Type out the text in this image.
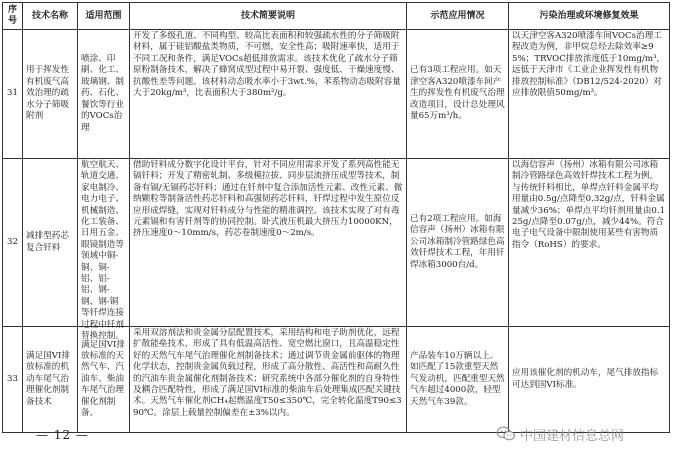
序号	技术名称	适用范围	技术简要说明	示范应用情况	污染治理或环境修复效果
31	用于挥发性有机废气高效治理的疏水分子筛吸附剂	喷涂、印刷、化工、玻璃钢、制药、石化、餐饮等行业的VOCs治理	开发了多级孔道、不同构型、较高比表面积和较强疏水性的分子筛吸附材料，属于硅铝酸盐类物质，不可燃，安全性高；吸附速率快，适用于不同工况和条件，满足VOCs超低排放需求。该技术优化了疏水分子筛原粉制备技术，解决了蜂窝成型过程中易开裂、强度低、干燥速度慢、抗酸性差等问题。该材料动态吸水率小于3wt.%，苯系物动态吸附容量大于20kg/m³，比表面积大于380m²/g。	已有3项工程应用。如天津空客A320喷漆车间产生的挥发性有机废气治理改造项目，设计总处理风量65万m³/h。	以天津空客A320喷漆车间VOCs治理工程改造为例，非甲烷总烃去除效率≥95%；TRVOC排放浓度低于10mg/m³，远低于天津市《工业企业挥发性有机物排放控制标准》（DB12/524-2020）对应排放限值50mg/m³。

32	减排型药芯复合钎料	航空航天、轨道交通、家电制冷、电力电子、机械制造、化工装备、日用五金、眼镜制造等领域中铜-铜、铜-铝、铝-铝、钢-钢、钢-铜等钎焊连接过程中钎剂替换控制。	借助钎料成分数字化设计平台，针对不同应用需求开发了系列高性能无镉钎料；开发了精密轧制、多级模拉拔、同步层流挤压成型等技术，制备有镉/无镉药芯钎料；通过在钎剂中复合添加活性元素、改性元素、微纳颗粒等制备活性药芯钎料和高强韧药芯钎料，钎焊过程中发生原位反应形成焊缝，实现对钎料成分与性能的精准调控。该技术实现了对有毒元素镉和有害钎剂等的协同控制。卧式液压机最大挤压力10000KN，挤压速度0～10mm/s，药芯卷制速度0～2m/s。	已有2项工程应用。如海信容声（扬州）冰箱有限公司冰箱制冷管路绿色高效钎焊技术工程，年用钎焊冰箱3000台/d。	以海信容声（扬州）冰箱有限公司冰箱制冷管路绿色高效钎焊技术工程为例，与传统钎料相比，单焊点钎料金属平均用量由0.5g/点降至0.32g/点，钎料金属量减少36%；单焊点平均钎剂用量由0.125g/点降至0.07g/点，减少44%。符合电子电气设备中限制使用某些有害物质指令（RoHS）的要求。

33	满足国VI排放标准的机动车尾气治理催化剂制备技术	满足国VI排放标准的天然气车、汽油车、柴油车尾气治理催化剂制备。	采用双溶剂法和贵金属分层配置技术，采用结构和电子助剂优化，远程扩散能垒技术，形成了具有低温高活性、宽空燃比窗口，且高温稳定性好的天然气车尾气治理催化剂制备技术；通过调节贵金属前驱体的物理化学状态，控制贵金属负载过程，形成了高分散性、高活性和高耐久性的汽油车贵金属催化剂制备技术；研究系统中各部分催化剂的自身特性及耦合匹配特性，形成了满足国VI标准的柴油车后处理集成匹配关键技术。天然气车催化剂CH₄起燃温度T50≤350℃，完全转化温度T90≤390℃。涂层上载量控制偏差在±3%以内。	产品装车10万辆以上。如匹配了15款重型天然气发动机，匹配重型天然气车超过4000款，轻型天然气车39款。	应用该催化剂的机动车，尾气排放指标可达到国VI标准。
— 12 —	中国建材信息总网
